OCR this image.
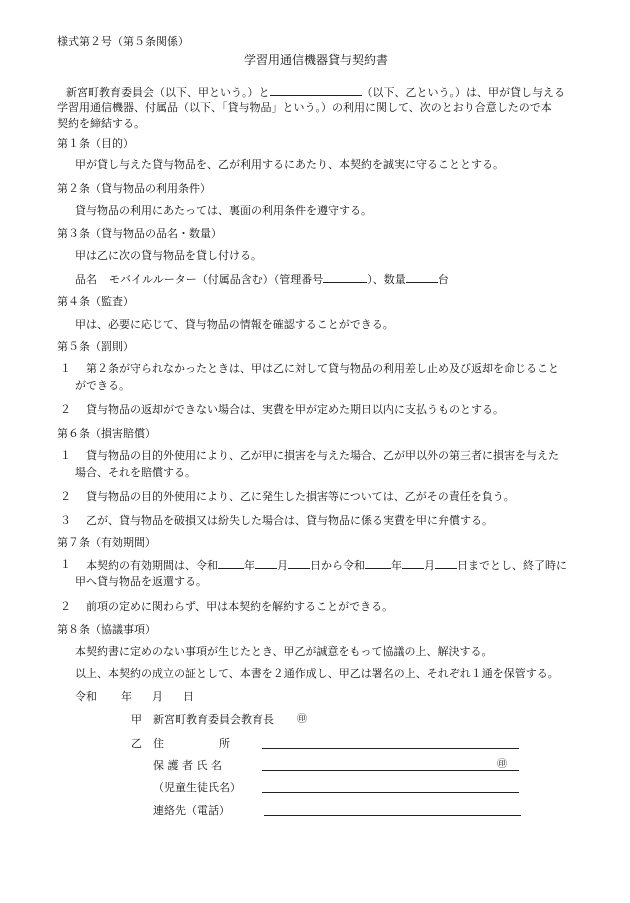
様式第２号（第５条関係）
学習用通信機器貸与契約書
新宮町教育委員会（以下、甲という。）と	（以下、乙という。）は、甲が貸し与える
学習用通信機器、付属品（以下、「貸与物品」という。）の利用に関して、次のとおり合意したので本
契約を締結する。
第１条（目的）
甲が貸し与えた貸与物品を、乙が利用するにあたり、本契約を誠実に守ることとする。
第２条（貸与物品の利用条件）
貸与物品の利用にあたっては、裏面の利用条件を遵守する。
第３条（貸与物品の品名・数量）
甲は乙に次の貸与物品を貸し付ける。
品名 モバイルルーター（付属品含む）（管理番号	）、数量	台
第４条（監査）
甲は、必要に応じて、貸与物品の情報を確認することができる。
第５条（罰則）
１ 第２条が守られなかったときは、甲は乙に対して貸与物品の利用差し止め及び返却を命じること
ができる。
２ 貸与物品の返却ができない場合は、実費を甲が定めた期日以内に支払うものとする。
第６条（損害賠償）
１ 貸与物品の目的外使用により、乙が甲に損害を与えた場合、乙が甲以外の第三者に損害を与えた
場合、それを賠償する。
２ 貸与物品の目的外使用により、乙に発生した損害等については、乙がその責任を負う。
３ 乙が、貸与物品を破損又は紛失した場合は、貸与物品に係る実費を甲に弁償する。
第７条（有効期間）
１ 本契約の有効期間は、令和 年 月 日から令和 年 月 日までとし、終了時に
甲へ貸与物品を返還する。
２ 前項の定めに関わらず、甲は本契約を解約することができる。
第８条（協議事項）
本契約書に定めのない事項が生じたとき、甲乙が誠意をもって協議の上、解決する。
以上、本契約の成立の証として、本書を２通作成し、甲乙は署名の上、それぞれ１通を保管する。
令和 年 月 日
甲 新宮町教育委員会教育長 ㊞
乙 住　　　　　所
保 護 者 氏 名	㊞
（児童生徒氏名）
連絡先（電話）
